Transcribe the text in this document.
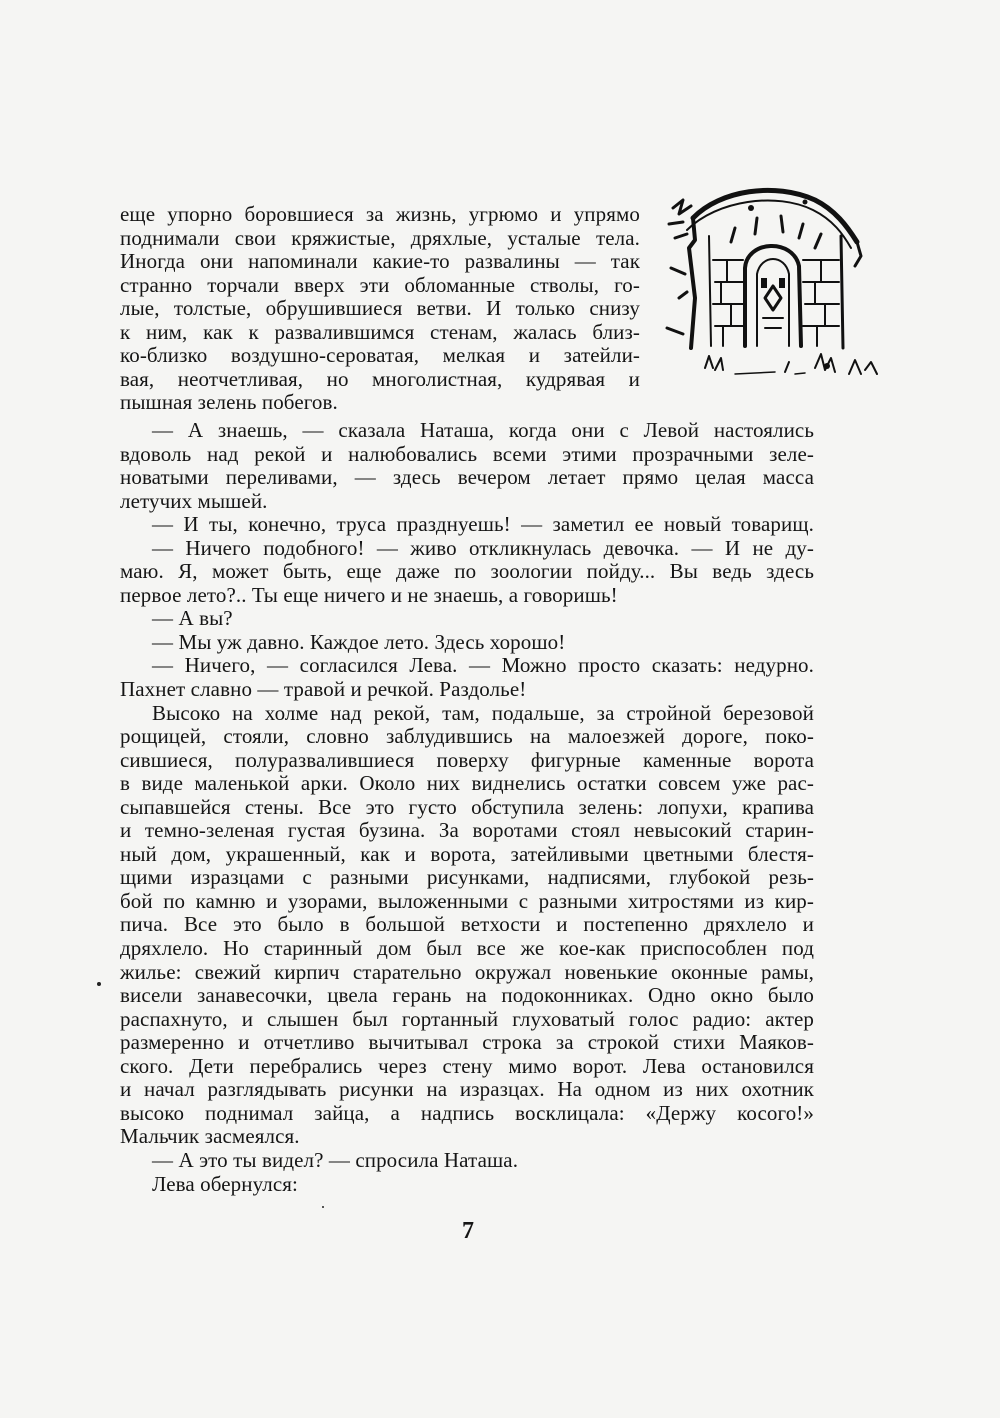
еще упорно боровшиеся за жизнь, угрюмо и упрямо
поднимали свои кряжистые, дряхлые, усталые тела.
Иногда они напоминали какие-то развалины — так
странно торчали вверх эти обломанные стволы, го-
лые, толстые, обрушившиеся ветви. И только снизу
к ним, как к развалившимся стенам, жалась близ-
ко-близко воздушно-сероватая, мелкая и затейли-
вая, неотчетливая, но многолистная, кудрявая и
пышная зелень побегов.
— А знаешь, — сказала Наташа, когда они с Левой настоялись
вдоволь над рекой и налюбовались всеми этими прозрачными зеле-
новатыми переливами, — здесь вечером летает прямо целая масса
летучих мышей.
— И ты, конечно, труса празднуешь! — заметил ее новый товарищ.
— Ничего подобного! — живо откликнулась девочка. — И не ду-
маю. Я, может быть, еще даже по зоологии пойду... Вы ведь здесь
первое лето?.. Ты еще ничего и не знаешь, а говоришь!
— А вы?
— Мы уж давно. Каждое лето. Здесь хорошо!
— Ничего, — согласился Лева. — Можно просто сказать: недурно.
Пахнет славно — травой и речкой. Раздолье!
Высоко на холме над рекой, там, подальше, за стройной березовой
рощицей, стояли, словно заблудившись на малоезжей дороге, поко-
сившиеся, полуразвалившиеся поверху фигурные каменные ворота
в виде маленькой арки. Около них виднелись остатки совсем уже рас-
сыпавшейся стены. Все это густо обступила зелень: лопухи, крапива
и темно-зеленая густая бузина. За воротами стоял невысокий старин-
ный дом, украшенный, как и ворота, затейливыми цветными блестя-
щими изразцами с разными рисунками, надписями, глубокой резь-
бой по камню и узорами, выложенными с разными хитростями из кир-
пича. Все это было в большой ветхости и постепенно дряхлело и
дряхлело. Но старинный дом был все же кое-как приспособлен под
жилье: свежий кирпич старательно окружал новенькие оконные рамы,
висели занавесочки, цвела герань на подоконниках. Одно окно было
распахнуто, и слышен был гортанный глуховатый голос радио: актер
размеренно и отчетливо вычитывал строка за строкой стихи Маяков-
ского. Дети перебрались через стену мимо ворот. Лева остановился
и начал разглядывать рисунки на изразцах. На одном из них охотник
высоко поднимал зайца, а надпись восклицала: «Держу косого!»
Мальчик засмеялся.
— А это ты видел? — спросила Наташа.
Лева обернулся:
7
